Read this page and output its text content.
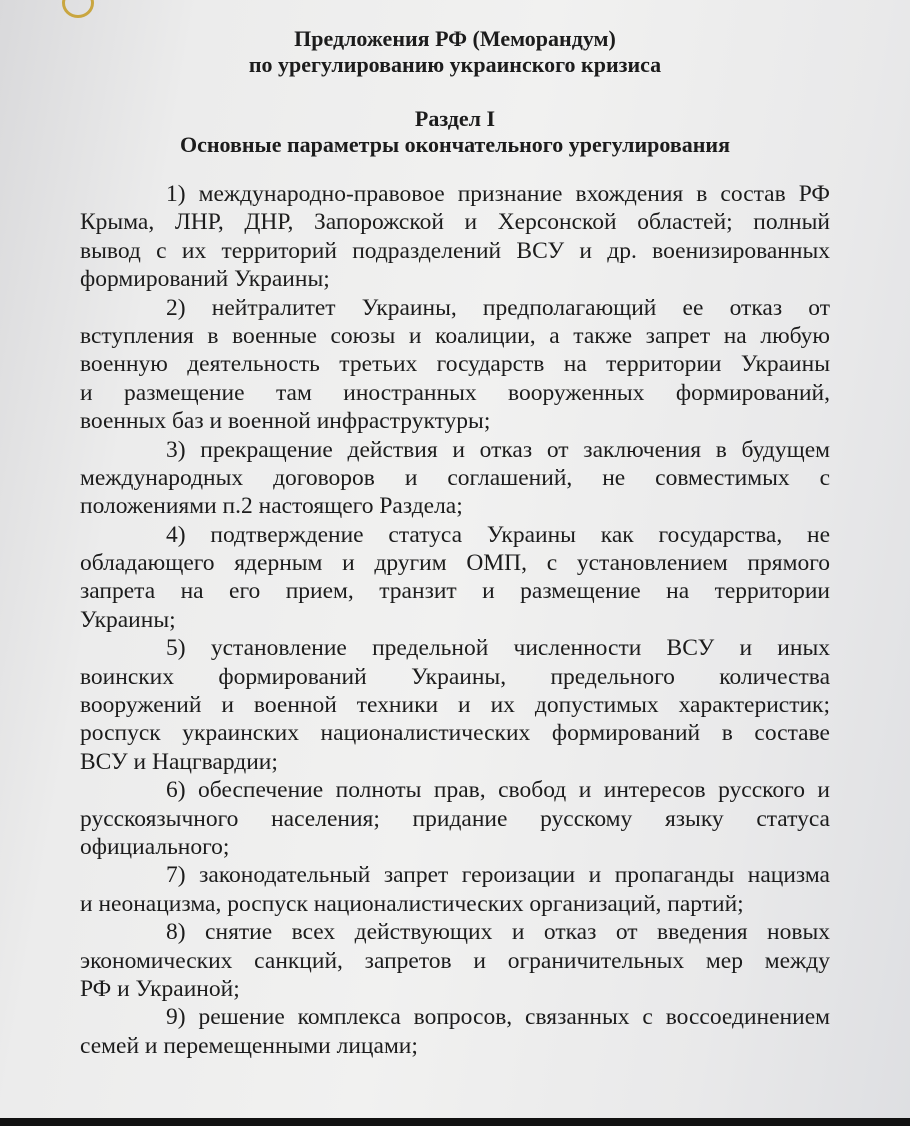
Предложения РФ (Меморандум)
по урегулированию украинского кризиса
Раздел I
Основные параметры окончательного урегулирования
1) международно-правовое признание вхождения в состав РФ
Крыма, ЛНР, ДНР, Запорожской и Херсонской областей; полный
вывод с их территорий подразделений ВСУ и др. военизированных
формирований Украины;
2) нейтралитет Украины, предполагающий ее отказ от
вступления в военные союзы и коалиции, а также запрет на любую
военную деятельность третьих государств на территории Украины
и размещение там иностранных вооруженных формирований,
военных баз и военной инфраструктуры;
3) прекращение действия и отказ от заключения в будущем
международных договоров и соглашений, не совместимых с
положениями п.2 настоящего Раздела;
4) подтверждение статуса Украины как государства, не
обладающего ядерным и другим ОМП, с установлением прямого
запрета на его прием, транзит и размещение на территории
Украины;
5) установление предельной численности ВСУ и иных
воинских формирований Украины, предельного количества
вооружений и военной техники и их допустимых характеристик;
роспуск украинских националистических формирований в составе
ВСУ и Нацгвардии;
6) обеспечение полноты прав, свобод и интересов русского и
русскоязычного населения; придание русскому языку статуса
официального;
7) законодательный запрет героизации и пропаганды нацизма
и неонацизма, роспуск националистических организаций, партий;
8) снятие всех действующих и отказ от введения новых
экономических санкций, запретов и ограничительных мер между
РФ и Украиной;
9) решение комплекса вопросов, связанных с воссоединением
семей и перемещенными лицами;
